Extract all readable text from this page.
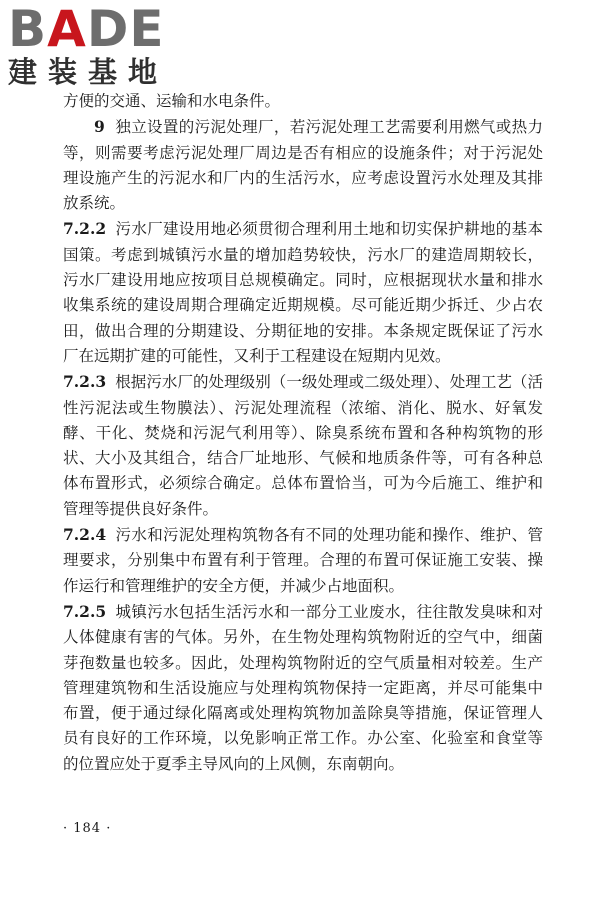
BADE
建装基地

方便的交通、运输和水电条件。

9 独立设置的污泥处理厂，若污泥处理工艺需要利用燃气或热力等，则需要考虑污泥处理厂周边是否有相应的设施条件；对于污泥处理设施产生的污泥水和厂内的生活污水，应考虑设置污水处理及其排放系统。

7.2.2 污水厂建设用地必须贯彻合理利用土地和切实保护耕地的基本国策。考虑到城镇污水量的增加趋势较快，污水厂的建造周期较长，污水厂建设用地应按项目总规模确定。同时，应根据现状水量和排水收集系统的建设周期合理确定近期规模。尽可能近期少拆迁、少占农田，做出合理的分期建设、分期征地的安排。本条规定既保证了污水厂在远期扩建的可能性，又利于工程建设在短期内见效。

7.2.3 根据污水厂的处理级别（一级处理或二级处理）、处理工艺（活性污泥法或生物膜法）、污泥处理流程（浓缩、消化、脱水、好氧发酵、干化、焚烧和污泥气利用等）、除臭系统布置和各种构筑物的形状、大小及其组合，结合厂址地形、气候和地质条件等，可有各种总体布置形式，必须综合确定。总体布置恰当，可为今后施工、维护和管理等提供良好条件。

7.2.4 污水和污泥处理构筑物各有不同的处理功能和操作、维护、管理要求，分别集中布置有利于管理。合理的布置可保证施工安装、操作运行和管理维护的安全方便，并减少占地面积。

7.2.5 城镇污水包括生活污水和一部分工业废水，往往散发臭味和对人体健康有害的气体。另外，在生物处理构筑物附近的空气中，细菌芽孢数量也较多。因此，处理构筑物附近的空气质量相对较差。生产管理建筑物和生活设施应与处理构筑物保持一定距离，并尽可能集中布置，便于通过绿化隔离或处理构筑物加盖除臭等措施，保证管理人员有良好的工作环境，以免影响正常工作。办公室、化验室和食堂等的位置应处于夏季主导风向的上风侧，东南朝向。

· 184 ·
